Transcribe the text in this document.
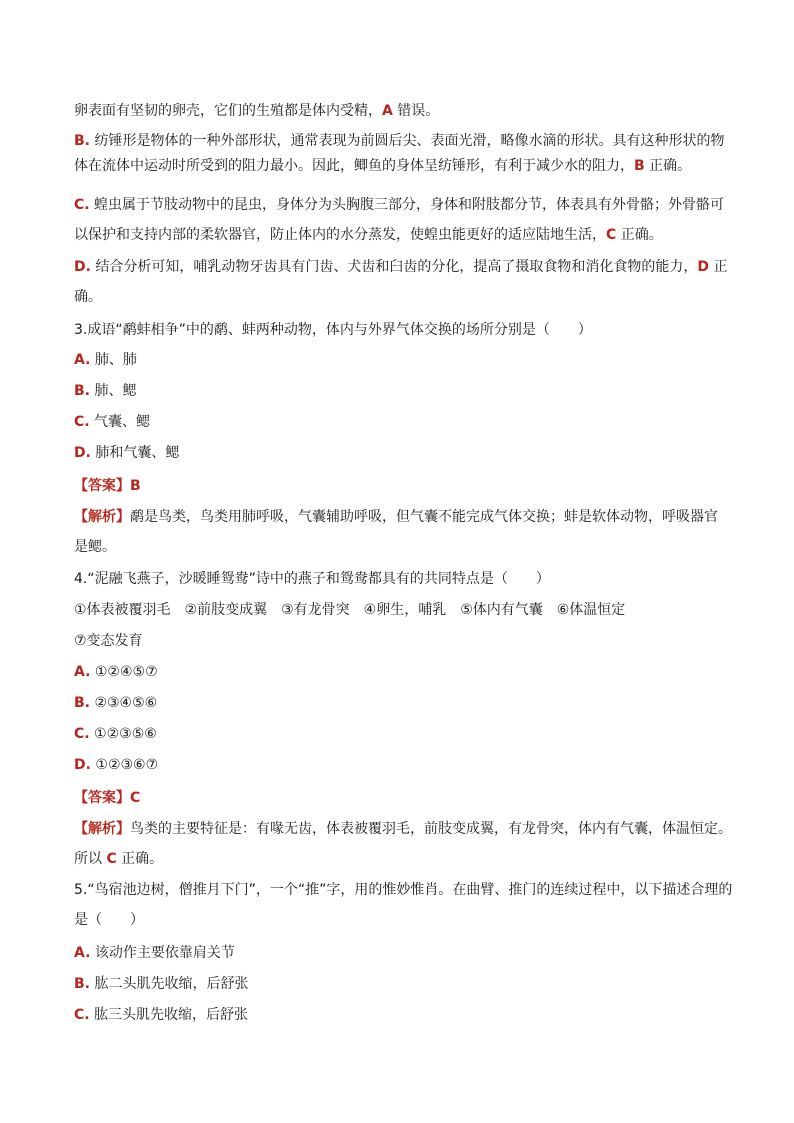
卵表面有坚韧的卵壳，它们的生殖都是体内受精，A 错误。
B. 纺锤形是物体的一种外部形状，通常表现为前圆后尖、表面光滑，略像水滴的形状。具有这种形状的物
体在流体中运动时所受到的阻力最小。因此，鲫鱼的身体呈纺锤形，有利于减少水的阻力，B 正确。
C. 蝗虫属于节肢动物中的昆虫，身体分为头胸腹三部分，身体和附肢都分节，体表具有外骨骼；外骨骼可
以保护和支持内部的柔软器官，防止体内的水分蒸发，使蝗虫能更好的适应陆地生活，C 正确。
D. 结合分析可知，哺乳动物牙齿具有门齿、犬齿和臼齿的分化，提高了摄取食物和消化食物的能力，D 正
确。
3.成语“鹬蚌相争”中的鹬、蚌两种动物，体内与外界气体交换的场所分别是（　　）
A. 肺、肺
B. 肺、鳃
C. 气囊、鳃
D. 肺和气囊、鳃
【答案】B
【解析】鹬是鸟类，鸟类用肺呼吸，气囊辅助呼吸，但气囊不能完成气体交换；蚌是软体动物，呼吸器官
是鳃。
4.“泥融飞燕子，沙暖睡鸳鸯”诗中的燕子和鸳鸯都具有的共同特点是（　　）
①体表被覆羽毛　②前肢变成翼　③有龙骨突　④卵生，哺乳　⑤体内有气囊　⑥体温恒定
⑦变态发育
A. ①②④⑤⑦
B. ②③④⑤⑥
C. ①②③⑤⑥
D. ①②③⑥⑦
【答案】C
【解析】鸟类的主要特征是：有喙无齿，体表被覆羽毛，前肢变成翼，有龙骨突，体内有气囊，体温恒定。
所以 C 正确。
5.“鸟宿池边树，僧推月下门”，一个“推”字，用的惟妙惟肖。在曲臂、推门的连续过程中，以下描述合理的
是（　　）
A. 该动作主要依靠肩关节
B. 肱二头肌先收缩，后舒张
C. 肱三头肌先收缩，后舒张
